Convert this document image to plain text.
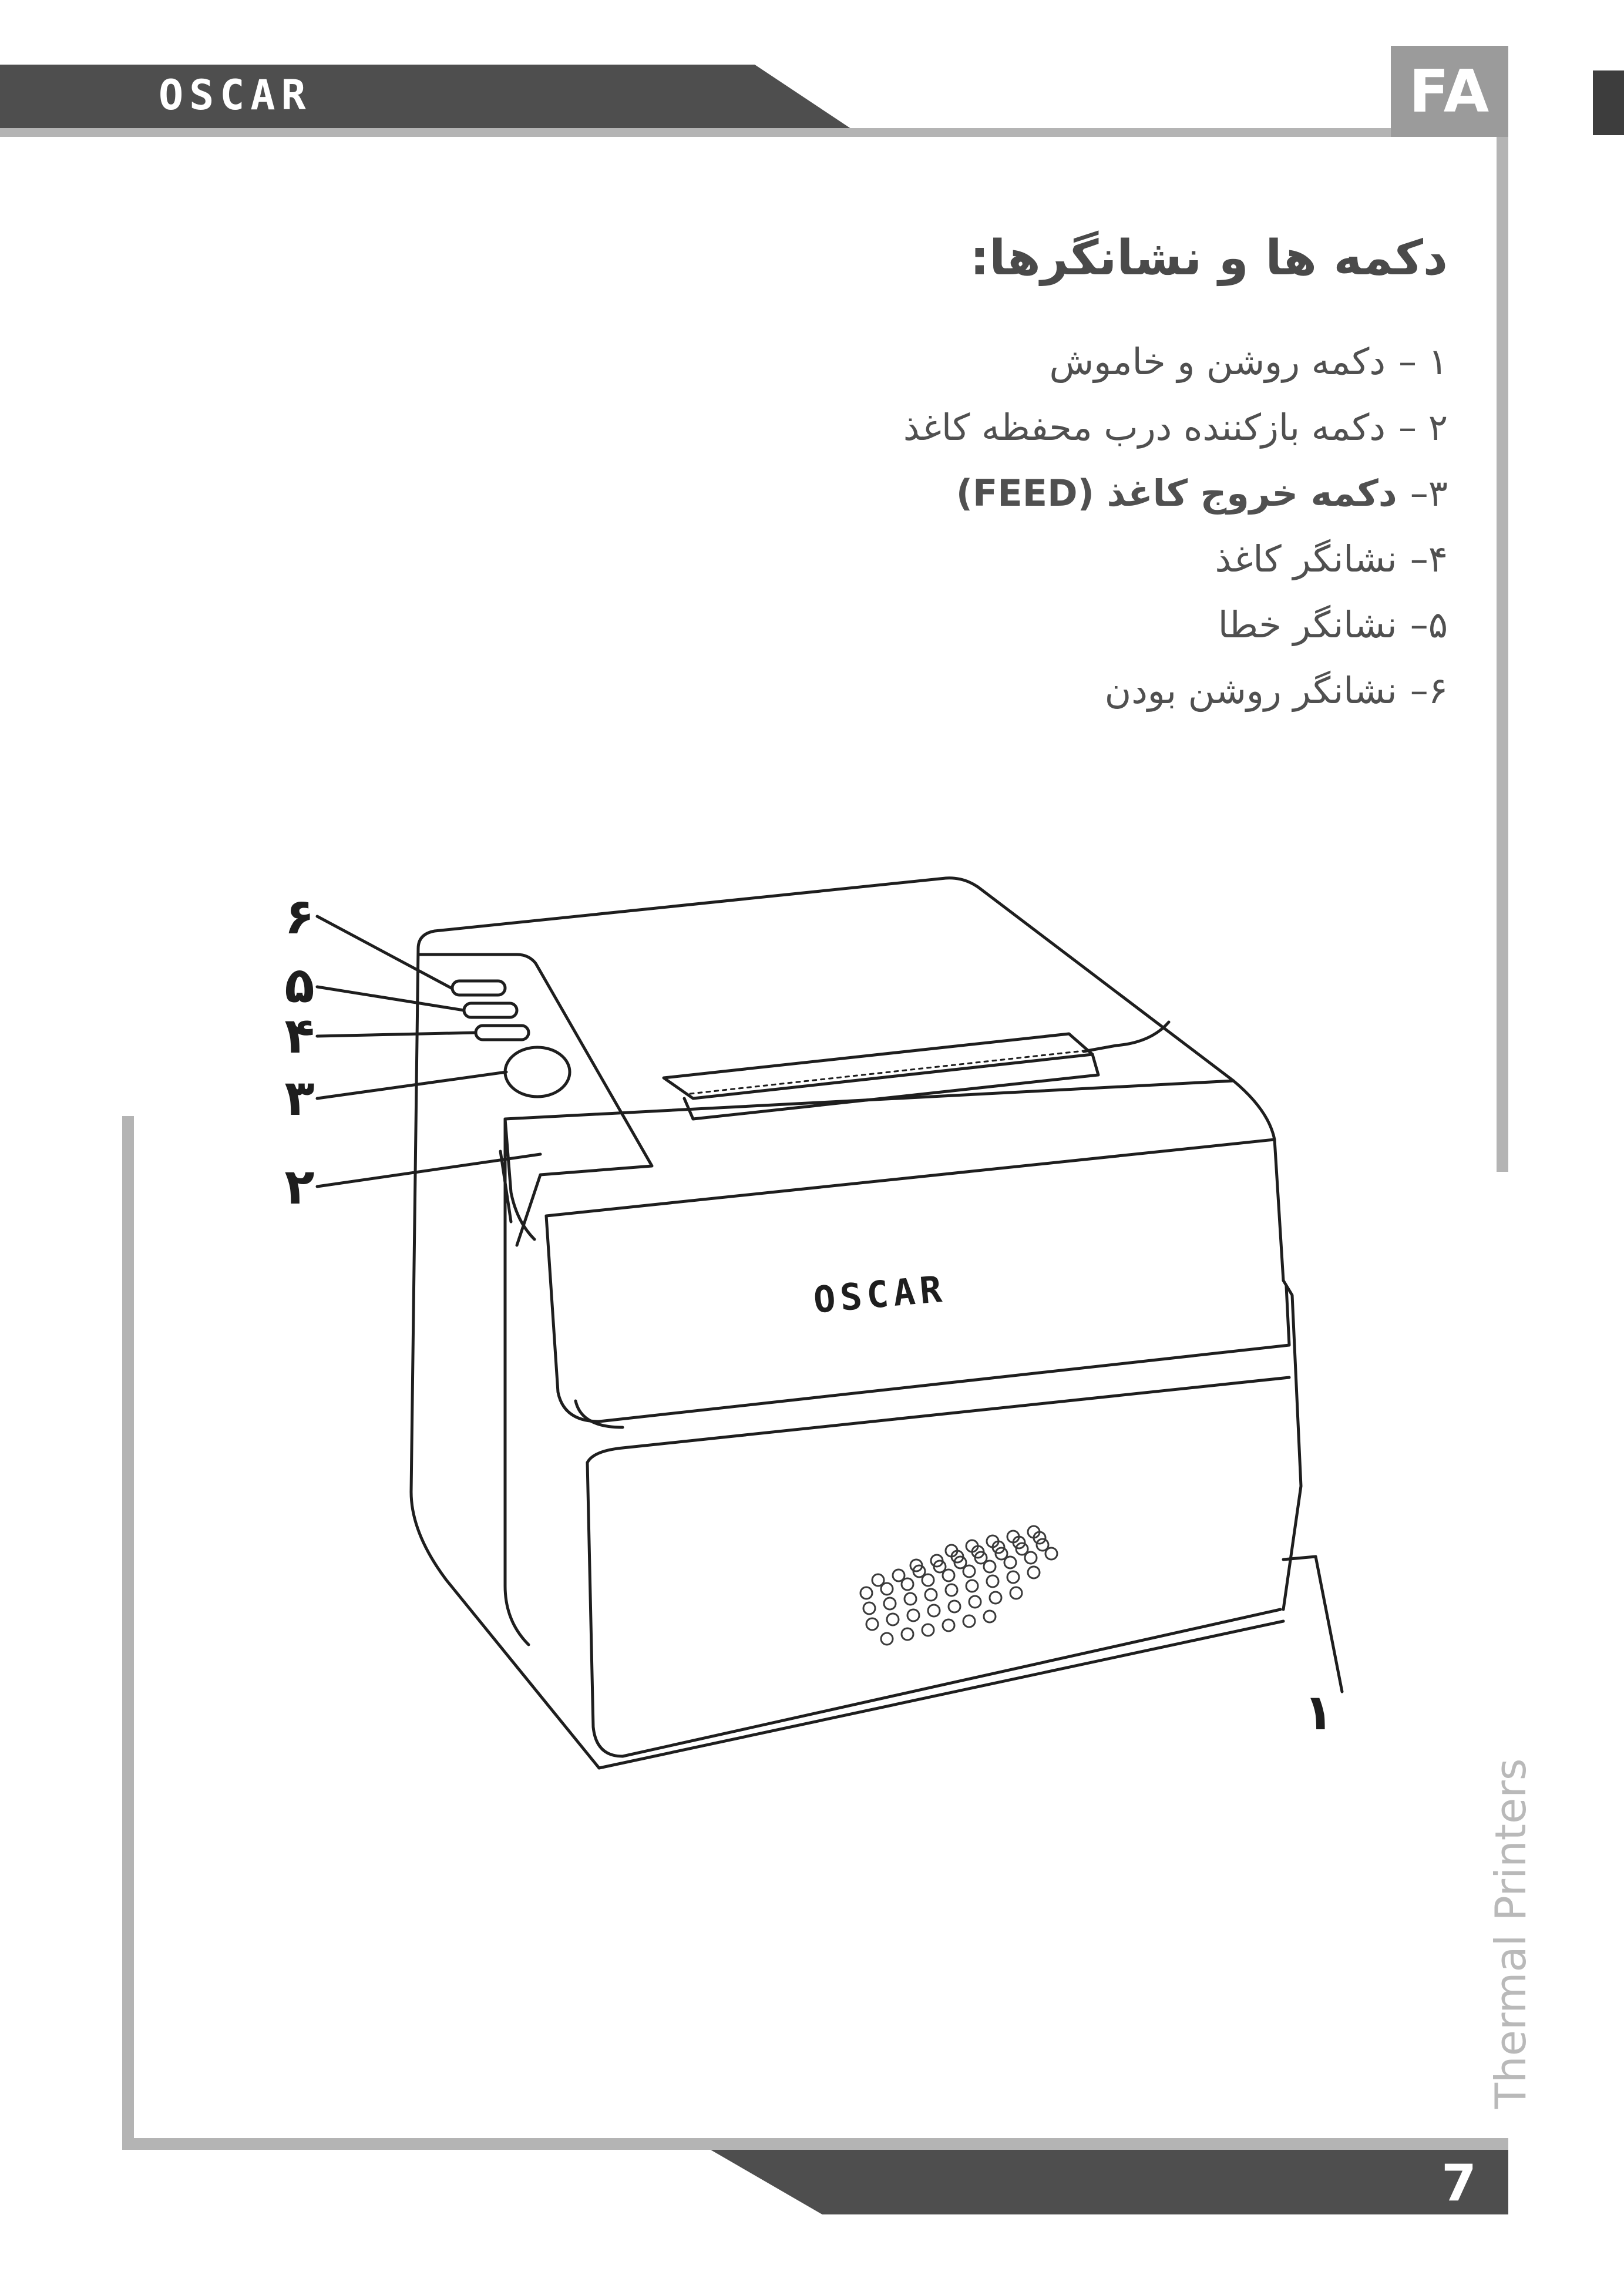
OSCAR	FA
دکمه ها و نشانگرها:
۱ –دکمه روشن و خاموش
۲ –دکمه بازکننده درب محفظه کاغذ
۳–دکمه خروج کاغذ (FEED)
۴–نشانگر کاغذ
۵–نشانگر خطا
۶–نشانگر روشن بودن
OSCAR
۶
۵
۴
۳
۲
۱
7
Thermal Printers
